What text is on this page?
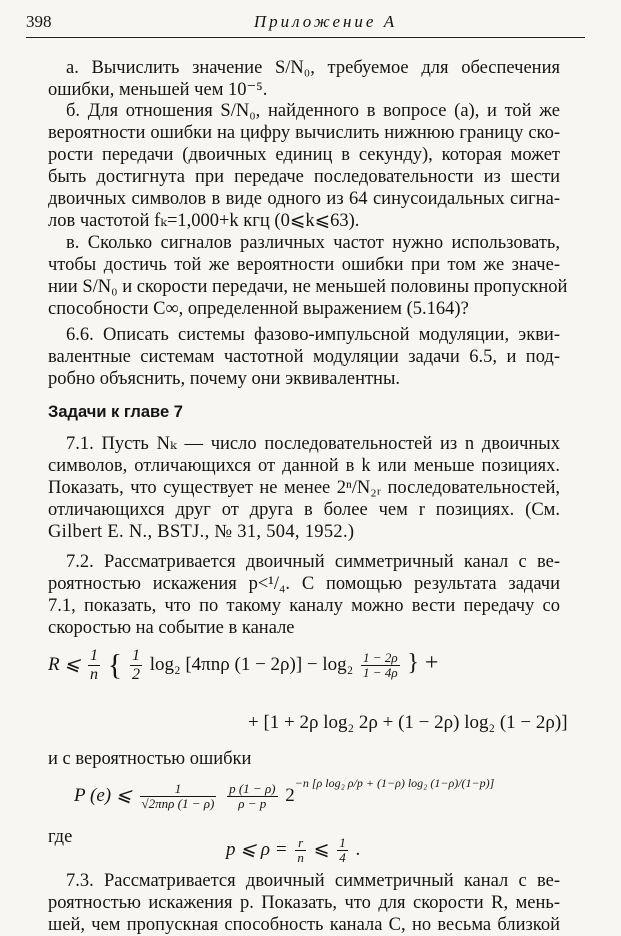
398	Приложение А
а. Вычислить значение S/N₀, требуемое для обеспечения
ошибки, меньшей чем 10⁻⁵.
б. Для отношения S/N₀, найденного в вопросе (а), и той же
вероятности ошибки на цифру вычислить нижнюю границу ско-
рости передачи (двоичных единиц в секунду), которая может
быть достигнута при передаче последовательности из шести
двоичных символов в виде одного из 64 синусоидальных сигна-
лов частотой fₖ=1,000+k кгц (0⩽k⩽63).
в. Сколько сигналов различных частот нужно использовать,
чтобы достичь той же вероятности ошибки при том же значе-
нии S/N₀ и скорости передачи, не меньшей половины пропускной
способности C∞, определенной выражением (5.164)?
6.6. Описать системы фазово-импульсной модуляции, экви-
валентные системам частотной модуляции задачи 6.5, и под-
робно объяснить, почему они эквивалентны.
Задачи к главе 7
7.1. Пусть Nₖ — число последовательностей из n двоичных
символов, отличающихся от данной в k или меньше позициях.
Показать, что существует не менее 2ⁿ/N₂ᵣ последовательностей,
отличающихся друг от друга в более чем r позициях. (См.
Gilbert E. N., BSTJ., № 31, 504, 1952.)
7.2. Рассматривается двоичный симметричный канал с ве-
роятностью искажения p<¹/₄. С помощью результата задачи
7.1, показать, что по такому каналу можно вести передачу со
скоростью на событие в канале
R ⩽ $\frac{1}{n}$ { $\frac{1}{2} \log_2$ [4πnρ $(1 - 2\rho)] - \log_2 \frac{1 - 2\rho}{1 - 4\rho}$ } +
+ [1 + 2ρ log₂ 2ρ + (1 − 2ρ) log₂ (1 − 2ρ)]
и с вероятностью ошибки
P (e) ⩽ $\frac{1}{\text{√2πnρ (1 − ρ)}}$
$\frac{p (1 - \rho)}{\rho - p} 2^{-n [\rho log_2 \rho/p + (1-\rho) log_2 (1-\rho)/(1-p)]}$
где
p ⩽ $\rho = \frac{r}{n}$ ⩽ $\frac{1}{4}$ .
7.3. Рассматривается двоичный симметричный канал с ве-
роятностью искажения p. Показать, что для скорости R, мень-
шей, чем пропускная способность канала C, но весьма близкой
